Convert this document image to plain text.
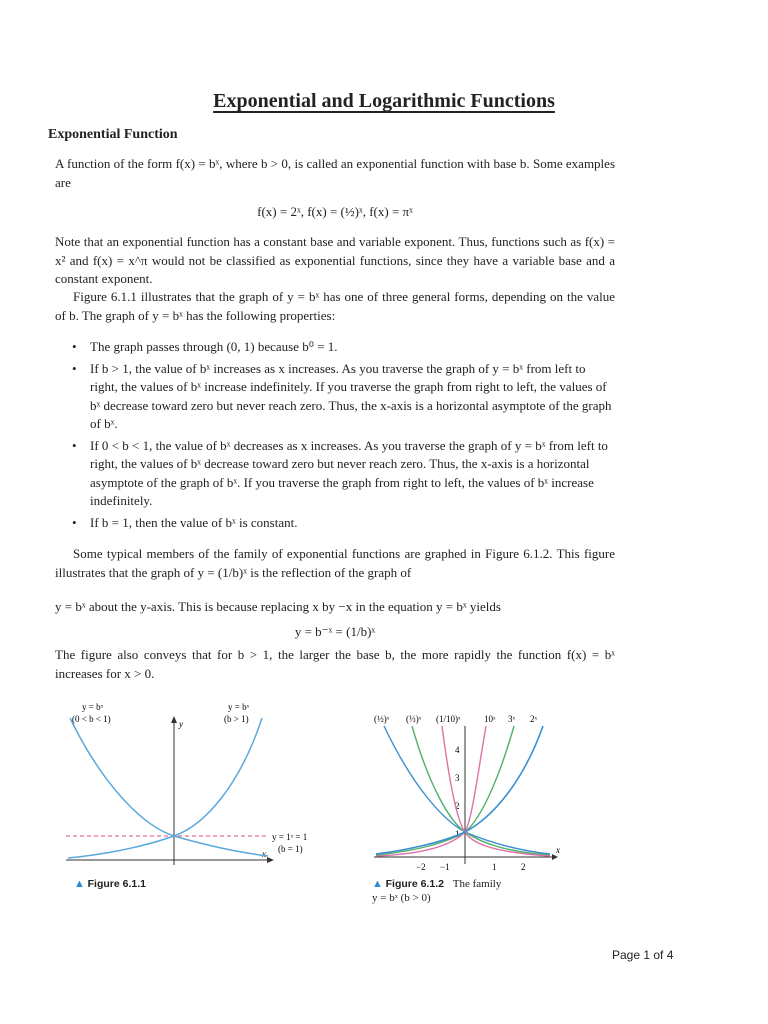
Exponential and Logarithmic Functions
Exponential Function
A function of the form f(x) = bˣ, where b > 0, is called an exponential function with base b. Some examples are
f(x) = 2ˣ, f(x) = (½)ˣ, f(x) = πˣ
Note that an exponential function has a constant base and variable exponent. Thus, functions such as f(x) = x² and f(x) = x^π would not be classified as exponential functions, since they have a variable base and a constant exponent.
Figure 6.1.1 illustrates that the graph of y = bˣ has one of three general forms, depending on the value of b. The graph of y = bˣ has the following properties:
• The graph passes through (0, 1) because b⁰ = 1.
• If b > 1, the value of bˣ increases as x increases. As you traverse the graph of y = bˣ from left to right, the values of bˣ increase indefinitely. If you traverse the graph from right to left, the values of bˣ decrease toward zero but never reach zero. Thus, the x-axis is a horizontal asymptote of the graph of bˣ.
• If 0 < b < 1, the value of bˣ decreases as x increases. As you traverse the graph of y = bˣ from left to right, the values of bˣ decrease toward zero but never reach zero. Thus, the x-axis is a horizontal asymptote of the graph of bˣ. If you traverse the graph from right to left, the values of bˣ increase indefinitely.
• If b = 1, then the value of bˣ is constant.
Some typical members of the family of exponential functions are graphed in Figure 6.1.2. This figure illustrates that the graph of y = (1/b)ˣ is the reflection of the graph of
y = bˣ about the y-axis. This is because replacing x by −x in the equation y = bˣ yields
y = b⁻ˣ = (1/b)ˣ
The figure also conveys that for b > 1, the larger the base b, the more rapidly the function f(x) = bˣ increases for x > 0.
y = bˣ
(0 < b < 1)
y = bˣ
(b > 1)
y
x
y = 1ˣ = 1
(b = 1)
▲ Figure 6.1.1
(½)ˣ (⅓)ˣ (1/10)ˣ	10ˣ 3ˣ 2ˣ
x
4
3
2
1
−2 −1	1	2
▲ Figure 6.1.2 The family
y = bˣ (b > 0)
Page 1 of 4
